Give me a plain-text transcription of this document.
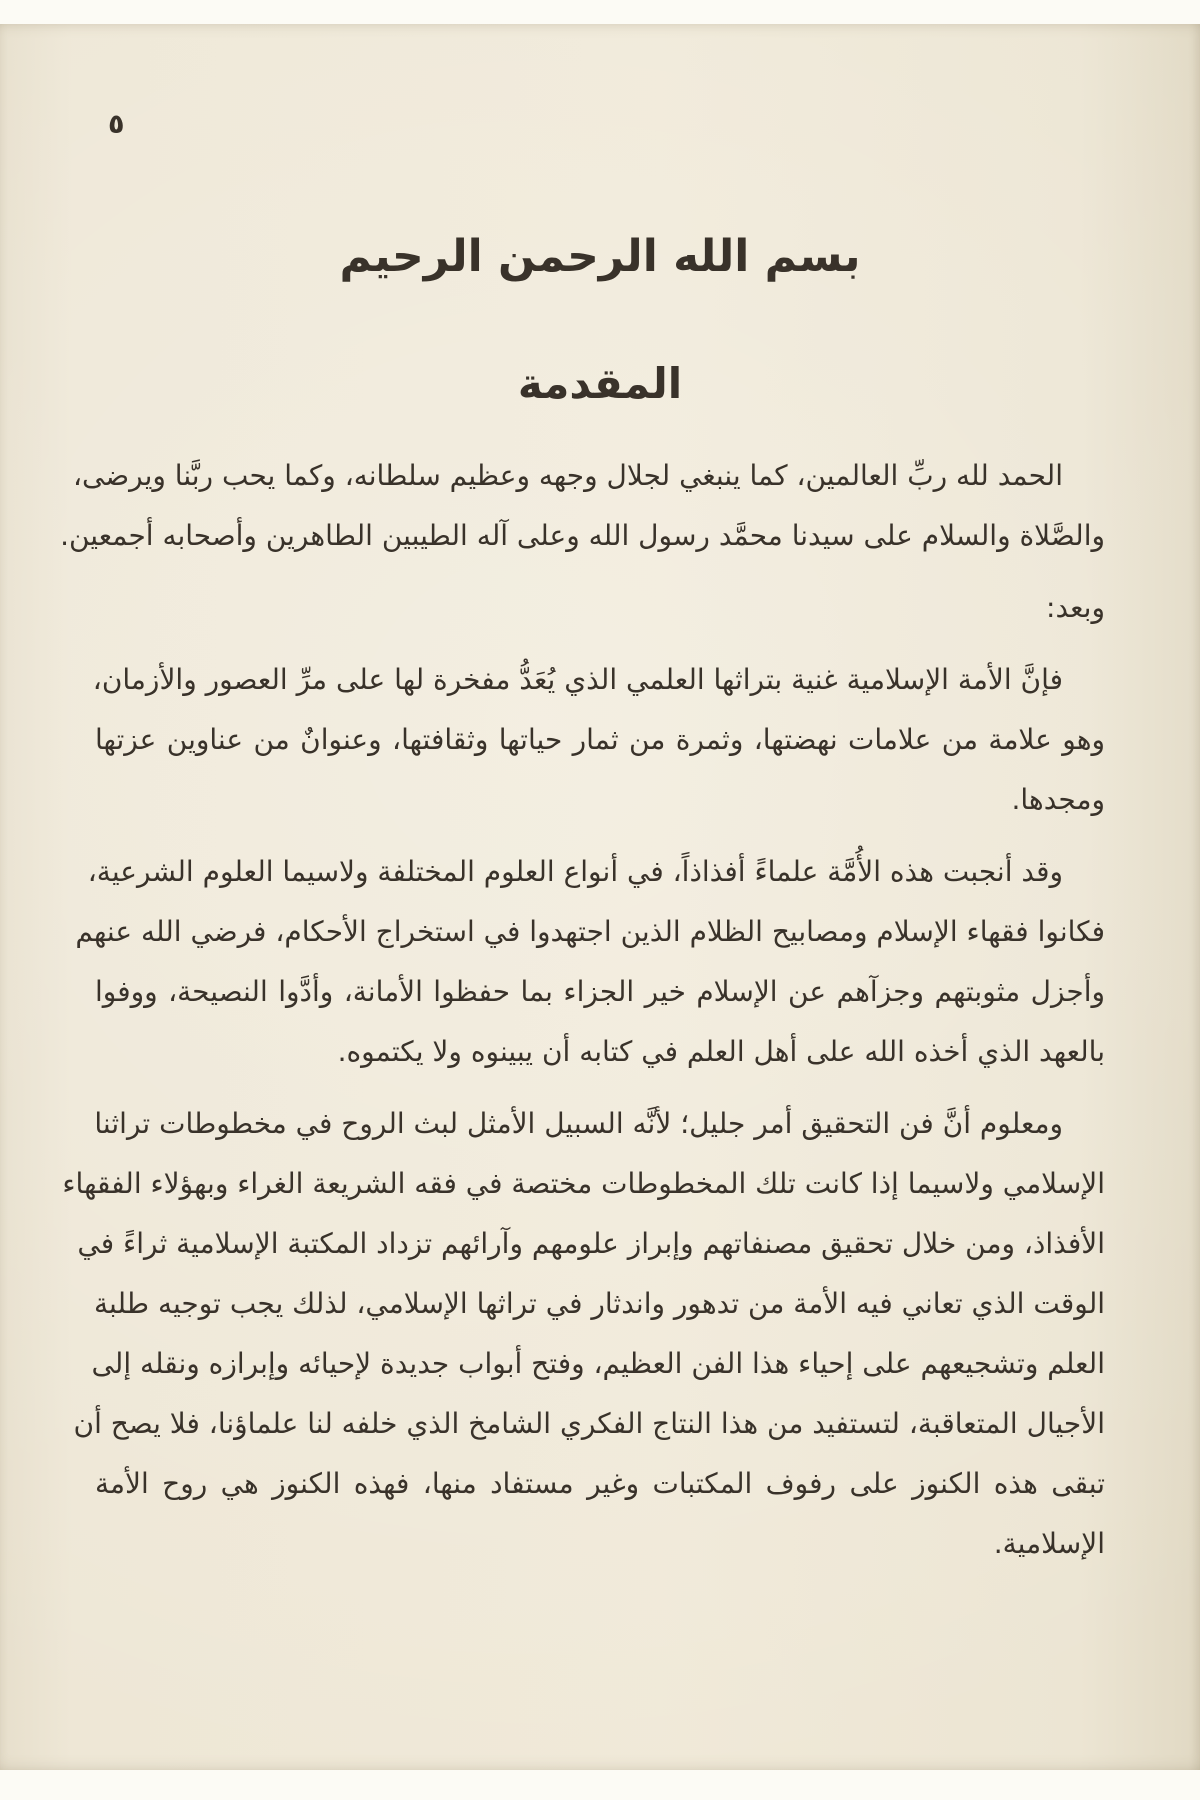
٥
بسم الله الرحمن الرحيم
المقدمة
الحمد لله ربِّ العالمين، كما ينبغي لجلال وجهه وعظيم سلطانه، وكما يحب ربَّنا ويرضى،
والصَّلاة والسلام على سيدنا محمَّد رسول الله وعلى آله الطيبين الطاهرين وأصحابه أجمعين.
وبعد:
فإنَّ الأمة الإسلامية غنية بتراثها العلمي الذي يُعَدُّ مفخرة لها على مرِّ العصور والأزمان،
وهو علامة من علامات نهضتها، وثمرة من ثمار حياتها وثقافتها، وعنوانٌ من عناوين عزتها
ومجدها.
وقد أنجبت هذه الأُمَّة علماءً أفذاذاً، في أنواع العلوم المختلفة ولاسيما العلوم الشرعية،
فكانوا فقهاء الإسلام ومصابيح الظلام الذين اجتهدوا في استخراج الأحكام، فرضي الله عنهم
وأجزل مثوبتهم وجزآهم عن الإسلام خير الجزاء بما حفظوا الأمانة، وأدَّوا النصيحة، ووفوا
بالعهد الذي أخذه الله على أهل العلم في كتابه أن يبينوه ولا يكتموه.
ومعلوم أنَّ فن التحقيق أمر جليل؛ لأنَّه السبيل الأمثل لبث الروح في مخطوطات تراثنا
الإسلامي ولاسيما إذا كانت تلك المخطوطات مختصة في فقه الشريعة الغراء وبهؤلاء الفقهاء
الأفذاذ، ومن خلال تحقيق مصنفاتهم وإبراز علومهم وآرائهم تزداد المكتبة الإسلامية ثراءً في
الوقت الذي تعاني فيه الأمة من تدهور واندثار في تراثها الإسلامي، لذلك يجب توجيه طلبة
العلم وتشجيعهم على إحياء هذا الفن العظيم، وفتح أبواب جديدة لإحيائه وإبرازه ونقله إلى
الأجيال المتعاقبة، لتستفيد من هذا النتاج الفكري الشامخ الذي خلفه لنا علماؤنا، فلا يصح أن
تبقى هذه الكنوز على رفوف المكتبات وغير مستفاد منها، فهذه الكنوز هي روح الأمة
الإسلامية.
